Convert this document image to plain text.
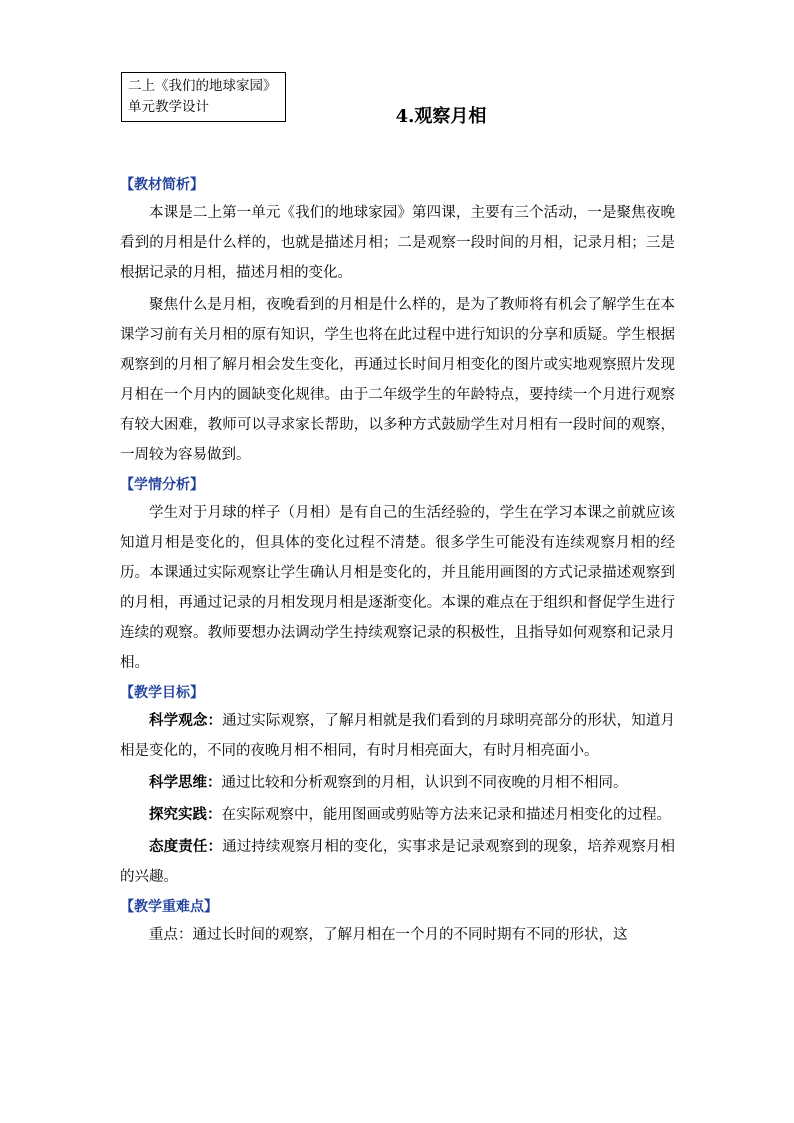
二上《我们的地球家园》
单元教学设计	4.观察月相
【教材简析】

本课是二上第一单元《我们的地球家园》第四课，主要有三个活动，一是聚焦夜晚看到的月相是什么样的，也就是描述月相；二是观察一段时间的月相，记录月相；三是根据记录的月相，描述月相的变化。

聚焦什么是月相，夜晚看到的月相是什么样的，是为了教师将有机会了解学生在本课学习前有关月相的原有知识，学生也将在此过程中进行知识的分享和质疑。学生根据观察到的月相了解月相会发生变化，再通过长时间月相变化的图片或实地观察照片发现月相在一个月内的圆缺变化规律。由于二年级学生的年龄特点，要持续一个月进行观察有较大困难，教师可以寻求家长帮助，以多种方式鼓励学生对月相有一段时间的观察，一周较为容易做到。

【学情分析】

学生对于月球的样子（月相）是有自己的生活经验的，学生在学习本课之前就应该知道月相是变化的，但具体的变化过程不清楚。很多学生可能没有连续观察月相的经历。本课通过实际观察让学生确认月相是变化的，并且能用画图的方式记录描述观察到的月相，再通过记录的月相发现月相是逐渐变化。本课的难点在于组织和督促学生进行连续的观察。教师要想办法调动学生持续观察记录的积极性，且指导如何观察和记录月相。

【教学目标】

科学观念：通过实际观察，了解月相就是我们看到的月球明亮部分的形状，知道月相是变化的，不同的夜晚月相不相同，有时月相亮面大，有时月相亮面小。

科学思维：通过比较和分析观察到的月相，认识到不同夜晚的月相不相同。

探究实践：在实际观察中，能用图画或剪贴等方法来记录和描述月相变化的过程。

态度责任：通过持续观察月相的变化，实事求是记录观察到的现象，培养观察月相的兴趣。

【教学重难点】

重点：通过长时间的观察，了解月相在一个月的不同时期有不同的形状，这
